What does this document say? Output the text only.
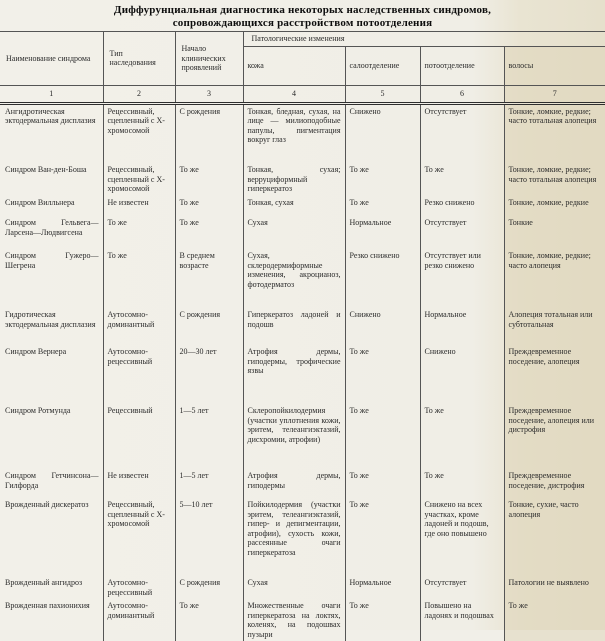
Диффурунциальная диагностика некоторых наследственных синдромов,
сопровождающихся расстройством потоотделения
Наименование синдрома	Тип наследования	Начало клинических проявлений	Патологические изменения			
			кожа	салоотделение	потоотделение	волосы
1	2	3	4	5	6	7
Ангидротическая эктодермальная дисплазия	Рецессивный, сцепленный с Х-хромосомой	С рождения	Тонкая, бледная, сухая, на лице — милиоподобные папулы, пигментация вокруг глаз	Снижено	Отсутствует	Тонкие, ломкие, редкие; часто тотальная алопеция
Синдром Ван-ден-Боша	Рецессивный, сцепленный с Х-хромосомой	То же	Тонкая, сухая; верруциформный гиперкератоз	То же	То же	Тонкие, ломкие, редкие; часто тотальная алопеция
Синдром Вилльнера	Не известен	То же	Тонкая, сухая	То же	Резко снижено	Тонкие, ломкие, редкие
Синдром Гельвега— Ларсена—Людвигсена	То же	То же	Сухая	Нормальное	Отсутствует	Тонкие
Синдром Гужеро— Шегрена	То же	В среднем возрасте	Сухая, склеродермиформные изменения, акроцианоз, фотодерматоз	Резко снижено	Отсутствует или резко снижено	Тонкие, ломкие, редкие; часто алопеция
Гидротическая эктодермальная дисплазия	Аутосомно-доминантный	С рождения	Гиперкератоз ладоней и подошв	Снижено	Нормальное	Алопеция тотальная или субтотальная
Синдром Вернера	Аутосомно-рецессивный	20—30 лет	Атрофия дермы, гиподермы, трофические язвы	То же	Снижено	Преждевременное поседение, алопеция
Синдром Ротмунда	Рецессивный	1—5 лет	Склеропойкилодермия (участки уплотнения кожи, эритем, телеангиэктазий, дисхромии, атрофии)	То же	То же	Преждевременное поседение, алопеция или дистрофия
Синдром Гетчинсона—Гилфорда	Не известен	1—5 лет	Атрофия дермы, гиподермы	То же	То же	Преждевременное поседение, дистрофия
Врожденный дискератоз	Рецессивный, сцепленный с Х-хромосомой	5—10 лет	Пойкилодермия (участки эритем, телеангиэктазий, гипер- и депигментации, атрофии), сухость кожи, рассеянные очаги гиперкератоза	То же	Снижено на всех участках, кроме ладоней и подошв, где оно повышено	Тонкие, сухие, часто алопеция
Врожденный ангидроз	Аутосомно-рецессивный	С рождения	Сухая	Нормальное	Отсутствует	Патологии не выявлено
Врожденная пахионихия	Аутосомно-доминантный	То же	Множественные очаги гиперкератоза на локтях, коленях, на подошвах пузыри	То же	Повышено на ладонях и подошвах	То же
